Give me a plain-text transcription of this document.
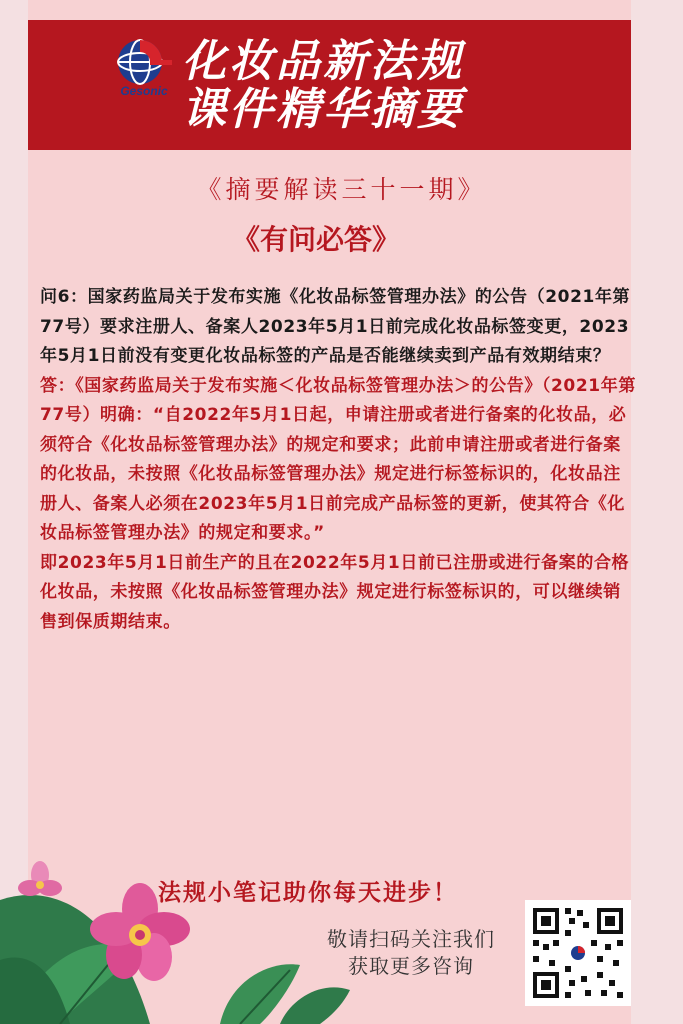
Gesonic
化妆品新法规
课件精华摘要
《摘要解读三十一期》
《有问必答》
问6：国家药监局关于发布实施《化妆品标签管理办法》的公告（2021年第77号）要求注册人、备案人2023年5月1日前完成化妆品标签变更，2023年5月1日前没有变更化妆品标签的产品是否能继续卖到产品有效期结束？
答：《国家药监局关于发布实施＜化妆品标签管理办法＞的公告》（2021年第77号）明确：“自2022年5月1日起，申请注册或者进行备案的化妆品，必须符合《化妆品标签管理办法》的规定和要求；此前申请注册或者进行备案的化妆品，未按照《化妆品标签管理办法》规定进行标签标识的，化妆品注册人、备案人必须在2023年5月1日前完成产品标签的更新，使其符合《化妆品标签管理办法》的规定和要求。”
即2023年5月1日前生产的且在2022年5月1日前已注册或进行备案的合格化妆品，未按照《化妆品标签管理办法》规定进行标签标识的，可以继续销售到保质期结束。
法规小笔记助你每天进步！
敬请扫码关注我们
获取更多咨询
